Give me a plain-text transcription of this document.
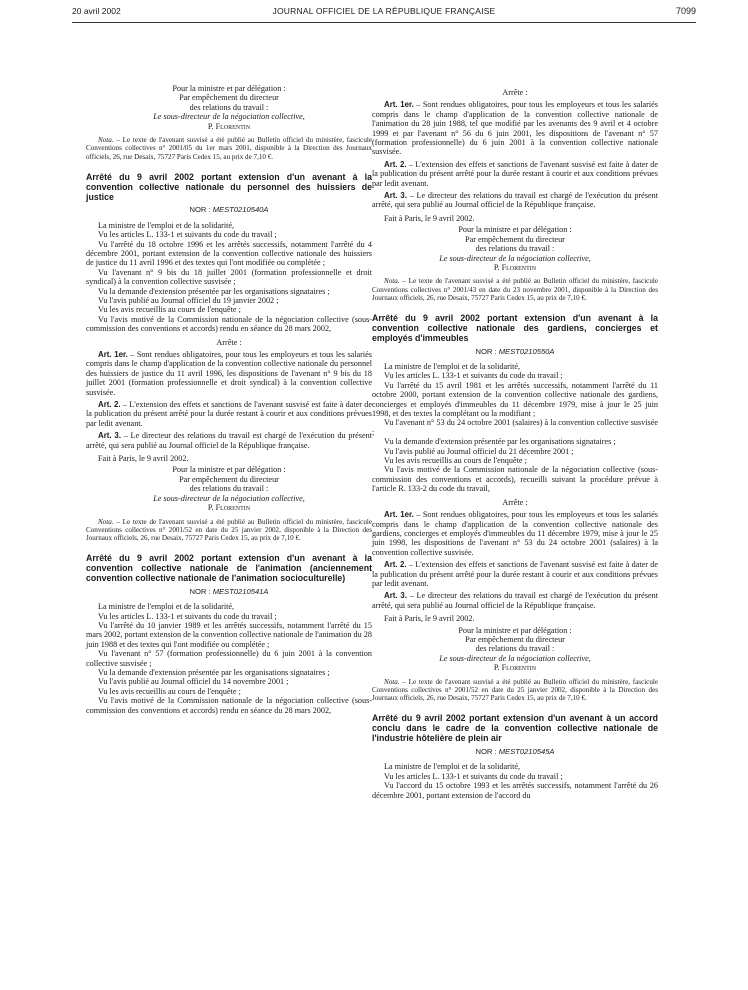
20 avril 2002	JOURNAL OFFICIEL DE LA RÉPUBLIQUE FRANÇAISE	7099

Pour la ministre et par délégation :

Par empêchement du directeur

des relations du travail :

Le sous-directeur de la négociation collective,

P. Florentin

Nota. – Le texte de l'avenant susvisé a été publié au Bulletin officiel du ministère, fascicule Conventions collectives n° 2001/05 du 1er mars 2001, disponible à la Direction des Journaux officiels, 26, rue Desaix, 75727 Paris Cedex 15, au prix de 7,10 €.

Arrêté du 9 avril 2002 portant extension d'un avenant à la convention collective nationale du personnel des huissiers de justice

NOR : MEST0210540A

La ministre de l'emploi et de la solidarité,

Vu les articles L. 133-1 et suivants du code du travail ;

Vu l'arrêté du 18 octobre 1996 et les arrêtés successifs, notamment l'arrêté du 4 décembre 2001, portant extension de la convention collective nationale des huissiers de justice du 11 avril 1996 et des textes qui l'ont modifiée ou complétée ;

Vu l'avenant n° 9 bis du 18 juillet 2001 (formation professionnelle et droit syndical) à la convention collective susvisée ;

Vu la demande d'extension présentée par les organisations signataires ;

Vu l'avis publié au Journal officiel du 19 janvier 2002 ;

Vu les avis recueillis au cours de l'enquête ;

Vu l'avis motivé de la Commission nationale de la négociation collective (sous-commission des conventions et accords) rendu en séance du 28 mars 2002,

Arrête :

Art. 1er. – Sont rendues obligatoires, pour tous les employeurs et tous les salariés compris dans le champ d'application de la convention collective nationale du personnel des huissiers de justice du 11 avril 1996, les dispositions de l'avenant n° 9 bis du 18 juillet 2001 (formation professionnelle et droit syndical) à la convention collective susvisée.

Art. 2. – L'extension des effets et sanctions de l'avenant susvisé est faite à dater de la publication du présent arrêté pour la durée restant à courir et aux conditions prévues par ledit avenant.

Art. 3. – Le directeur des relations du travail est chargé de l'exécution du présent arrêté, qui sera publié au Journal officiel de la République française.

Fait à Paris, le 9 avril 2002.

Pour la ministre et par délégation :

Par empêchement du directeur

des relations du travail :

Le sous-directeur de la négociation collective,

P. Florentin

Nota. – Le texte de l'avenant susvisé a été publié au Bulletin officiel du ministère, fascicule Conventions collectives n° 2001/52 en date du 25 janvier 2002, disponible à la Direction des Journaux officiels, 26, rue Desaix, 75727 Paris Cedex 15, au prix de 7,10 €.

Arrêté du 9 avril 2002 portant extension d'un avenant à la convention collective nationale de l'animation (anciennement convention collective nationale de l'animation socioculturelle)

NOR : MEST0210541A

La ministre de l'emploi et de la solidarité,

Vu les articles L. 133-1 et suivants du code du travail ;

Vu l'arrêté du 10 janvier 1989 et les arrêtés successifs, notamment l'arrêté du 15 mars 2002, portant extension de la convention collective nationale de l'animation du 28 juin 1988 et des textes qui l'ont modifiée ou complétée ;

Vu l'avenant n° 57 (formation professionnelle) du 6 juin 2001 à la convention collective susvisée ;

Vu la demande d'extension présentée par les organisations signataires ;

Vu l'avis publié au Journal officiel du 14 novembre 2001 ;

Vu les avis recueillis au cours de l'enquête ;

Vu l'avis motivé de la Commission nationale de la négociation collective (sous-commission des conventions et accords) rendu en séance du 28 mars 2002,

Arrête :

Art. 1er. – Sont rendues obligatoires, pour tous les employeurs et tous les salariés compris dans le champ d'application de la convention collective nationale de l'animation du 28 juin 1988, tel que modifié par les avenants des 9 avril et 4 octobre 1999 et par l'avenant n° 56 du 6 juin 2001, les dispositions de l'avenant n° 57 (formation professionnelle) du 6 juin 2001 à la convention collective nationale susvisée.

Art. 2. – L'extension des effets et sanctions de l'avenant susvisé est faite à dater de la publication du présent arrêté pour la durée restant à courir et aux conditions prévues par ledit avenant.

Art. 3. – Le directeur des relations du travail est chargé de l'exécution du présent arrêté, qui sera publié au Journal officiel de la République française.

Fait à Paris, le 9 avril 2002.

Pour la ministre et par délégation :

Par empêchement du directeur

des relations du travail :

Le sous-directeur de la négociation collective,

P. Florentin

Nota. – Le texte de l'avenant susvisé a été publié au Bulletin officiel du ministère, fascicule Conventions collectives n° 2001/43 en date du 23 novembre 2001, disponible à la Direction des Journaux officiels, 26, rue Desaix, 75727 Paris Cedex 15, au prix de 7,10 €.

Arrêté du 9 avril 2002 portant extension d'un avenant à la convention collective nationale des gardiens, concierges et employés d'immeubles

NOR : MEST0210550A

La ministre de l'emploi et de la solidarité,

Vu les articles L. 133-1 et suivants du code du travail ;

Vu l'arrêté du 15 avril 1981 et les arrêtés successifs, notamment l'arrêté du 11 octobre 2000, portant extension de la convention collective nationale des gardiens, concierges et employés d'immeubles du 11 décembre 1979, mise à jour le 25 juin 1998, et des textes la complétant ou la modifiant ;

Vu l'avenant n° 53 du 24 octobre 2001 (salaires) à la convention collective susvisée ;

Vu la demande d'extension présentée par les organisations signataires ;

Vu l'avis publié au Journal officiel du 21 décembre 2001 ;

Vu les avis recueillis au cours de l'enquête ;

Vu l'avis motivé de la Commission nationale de la négociation collective (sous-commission des conventions et accords), recueilli suivant la procédure prévue à l'article R. 133-2 du code du travail,

Arrête :

Art. 1er. – Sont rendues obligatoires, pour tous les employeurs et tous les salariés compris dans le champ d'application de la convention collective nationale des gardiens, concierges et employés d'immeubles du 11 décembre 1979, mise à jour le 25 juin 1998, les dispositions de l'avenant n° 53 du 24 octobre 2001 (salaires) à la convention collective susvisée.

Art. 2. – L'extension des effets et sanctions de l'avenant susvisé est faite à dater de la publication du présent arrêté pour la durée restant à courir et aux conditions prévues par ledit avenant.

Art. 3. – Le directeur des relations du travail est chargé de l'exécution du présent arrêté, qui sera publié au Journal officiel de la République française.

Fait à Paris, le 9 avril 2002.

Pour la ministre et par délégation :

Par empêchement du directeur

des relations du travail :

Le sous-directeur de la négociation collective,

P. Florentin

Nota. – Le texte de l'avenant susvisé a été publié au Bulletin officiel du ministère, fascicule Conventions collectives n° 2001/52 en date du 25 janvier 2002, disponible à la Direction des Journaux officiels, 26, rue Desaix, 75727 Paris Cedex 15, au prix de 7,10 €.

Arrêté du 9 avril 2002 portant extension d'un avenant à un accord conclu dans le cadre de la convention collective nationale de l'industrie hôtelière de plein air

NOR : MEST0210545A

La ministre de l'emploi et de la solidarité,

Vu les articles L. 133-1 et suivants du code du travail ;

Vu l'accord du 15 octobre 1993 et les arrêtés successifs, notamment l'arrêté du 26 décembre 2001, portant extension de l'accord du
